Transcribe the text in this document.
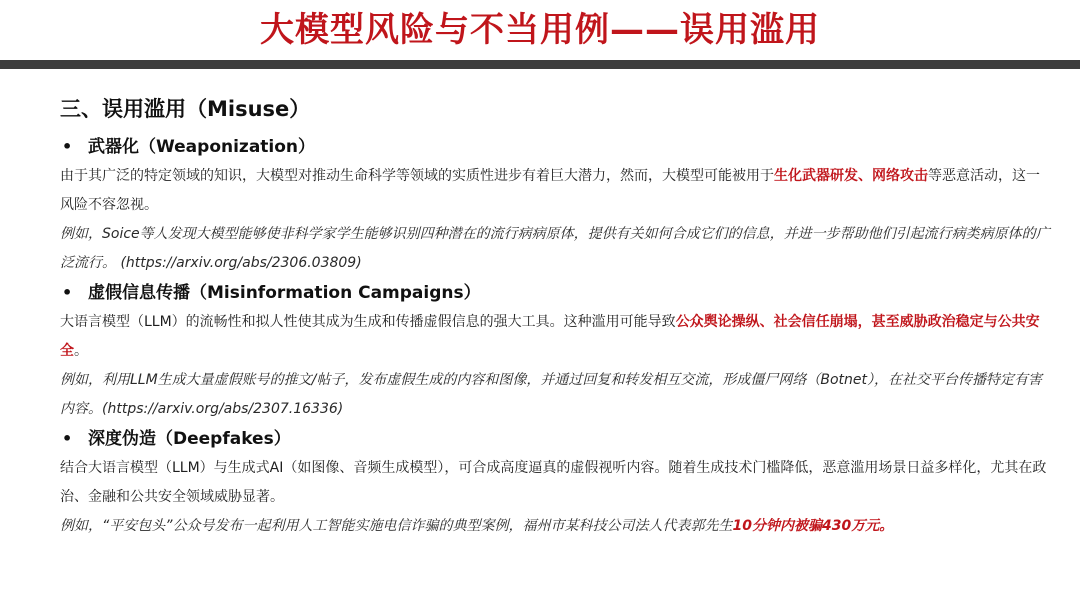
大模型风险与不当用例——误用滥用
三、误用滥用（Misuse）
• 武器化（Weaponization）
由于其广泛的特定领域的知识，大模型对推动生命科学等领域的实质性进步有着巨大潜力，然而，大模型可能被用于生化武器研发、网络攻击等恶意活动，这一风险不容忽视。
例如，Soice等人发现大模型能够使非科学家学生能够识别四种潜在的流行病病原体，提供有关如何合成它们的信息，并进一步帮助他们引起流行病类病原体的广泛流行。 (https://arxiv.org/abs/2306.03809)
• 虚假信息传播（Misinformation Campaigns）
大语言模型（LLM）的流畅性和拟人性使其成为生成和传播虚假信息的强大工具。这种滥用可能导致公众舆论操纵、社会信任崩塌，甚至威胁政治稳定与公共安全。
例如，利用LLM生成大量虚假账号的推文/帖子，发布虚假生成的内容和图像，并通过回复和转发相互交流，形成僵尸网络（Botnet），在社交平台传播特定有害内容。(https://arxiv.org/abs/2307.16336)
• 深度伪造（Deepfakes）
结合大语言模型（LLM）与生成式AI（如图像、音频生成模型），可合成高度逼真的虚假视听内容。随着生成技术门槛降低，恶意滥用场景日益多样化，尤其在政治、金融和公共安全领域威胁显著。
例如，“平安包头”公众号发布一起利用人工智能实施电信诈骗的典型案例，福州市某科技公司法人代表郭先生10分钟内被骗430万元。
